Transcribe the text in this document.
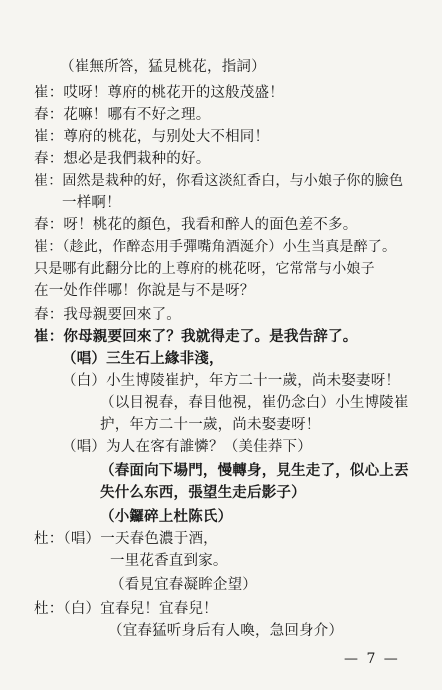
（崔無所答，猛見桃花，指詞）
崔：哎呀！尊府的桃花开的这般茂盛！
春：花嘛！哪有不好之理。
崔：尊府的桃花，与别处大不相同！
春：想必是我們栽种的好。
崔：固然是栽种的好，你看这淡紅香白，与小娘子你的臉色
一样啊！
春：呀！桃花的顏色，我看和醉人的面色差不多。
崔：（趁此，作醉态用手彈嘴角酒涎介）小生当真是醉了。
只是哪有此翻分比的上尊府的桃花呀，它常常与小娘子
在一处作伴哪！你說是与不是呀？
春：我母親要回來了。
崔：你母親要回來了？我就得走了。是我告辞了。
（唱）三生石上緣非淺，
（白）小生博陵崔护，年方二十一歲，尚未娶妻呀！
（以目視春，春目他視，崔仍念白）小生博陵崔
护，年方二十一歲，尚未娶妻呀！
（唱）为人在客有誰憐？（美佳莽下）
（春面向下場門，慢轉身，見生走了，似心上丟
失什么东西，張望生走后影子）
（小鑼碎上杜陈氏）
杜：（唱）一天春色濃于酒，
一里花香直到家。
（看見宜春凝眸企望）
杜：（白）宜春兒！宜春兒！
（宜春猛听身后有人喚，急回身介）
— 7 —
